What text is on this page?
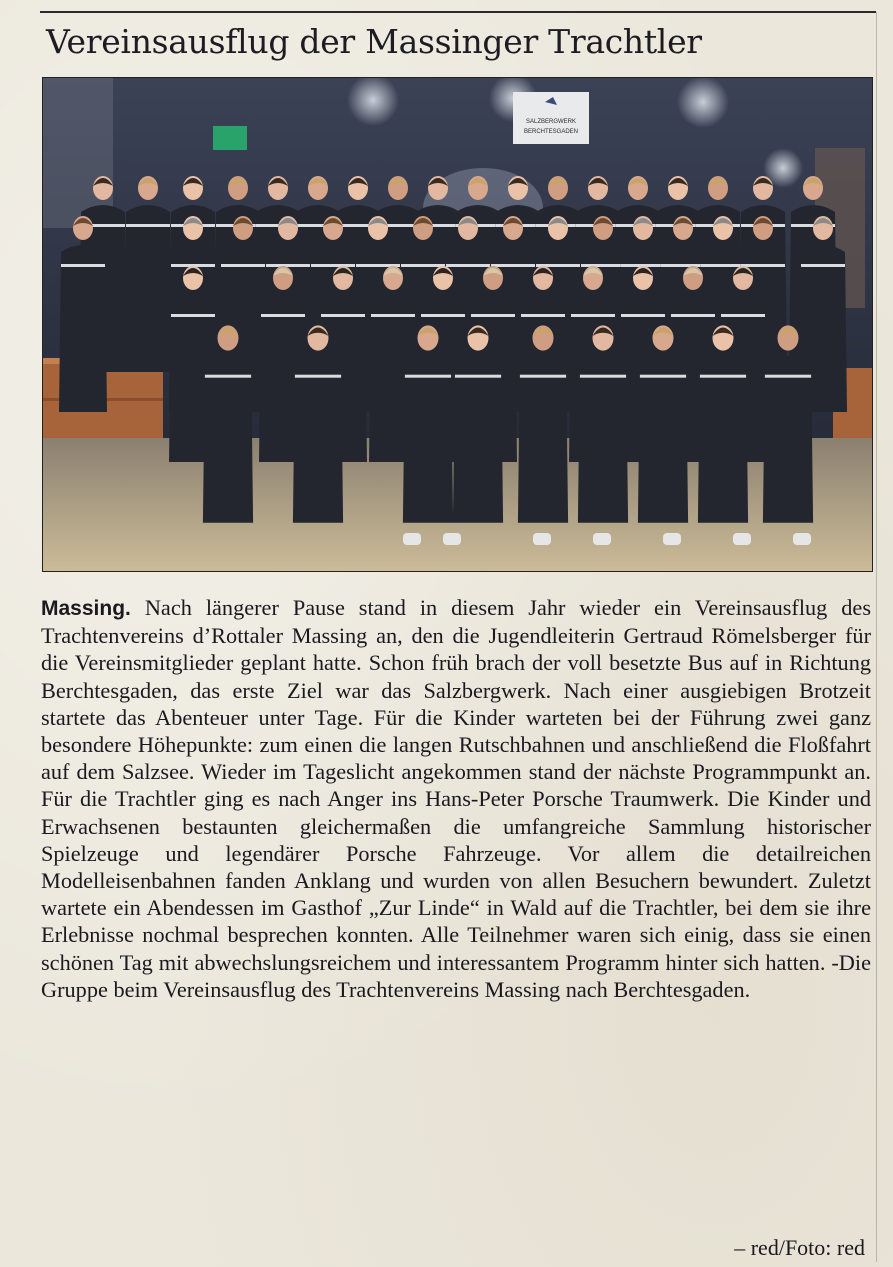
Vereinsausflug der Massinger Trachtler
SALZBERGWERK
BERCHTESGADEN

Massing. Nach längerer Pause stand in diesem Jahr wieder ein Vereinsausflug des Trachtenvereins d’Rottaler Massing an, den die Jugendleiterin Gertraud Römelsberger für die Vereinsmitglieder geplant hatte. Schon früh brach der voll besetzte Bus auf in Richtung Berchtesgaden, das erste Ziel war das Salzbergwerk. Nach einer ausgiebigen Brotzeit startete das Abenteuer unter Tage. Für die Kinder warteten bei der Führung zwei ganz besondere Höhepunkte: zum einen die langen Rutschbahnen und anschließend die Floßfahrt auf dem Salzsee. Wieder im Tageslicht angekommen stand der nächste Programmpunkt an. Für die Trachtler ging es nach Anger ins Hans-Peter Porsche Traumwerk. Die Kinder und Erwachsenen bestaunten gleichermaßen die umfangreiche Sammlung historischer Spielzeuge und legendärer Porsche Fahrzeuge. Vor allem die detailreichen Modelleisenbahnen fanden Anklang und wurden von allen Besuchern bewundert. Zuletzt wartete ein Abendessen im Gasthof „Zur Linde“ in Wald auf die Trachtler, bei dem sie ihre Erlebnisse nochmal besprechen konnten. Alle Teilnehmer waren sich einig, dass sie einen schönen Tag mit abwechslungsreichem und interessantem Programm hinter sich hatten. -Die Gruppe beim Vereinsausflug des Trachtenvereins Massing nach Berchtesgaden.

– red/Foto: red
